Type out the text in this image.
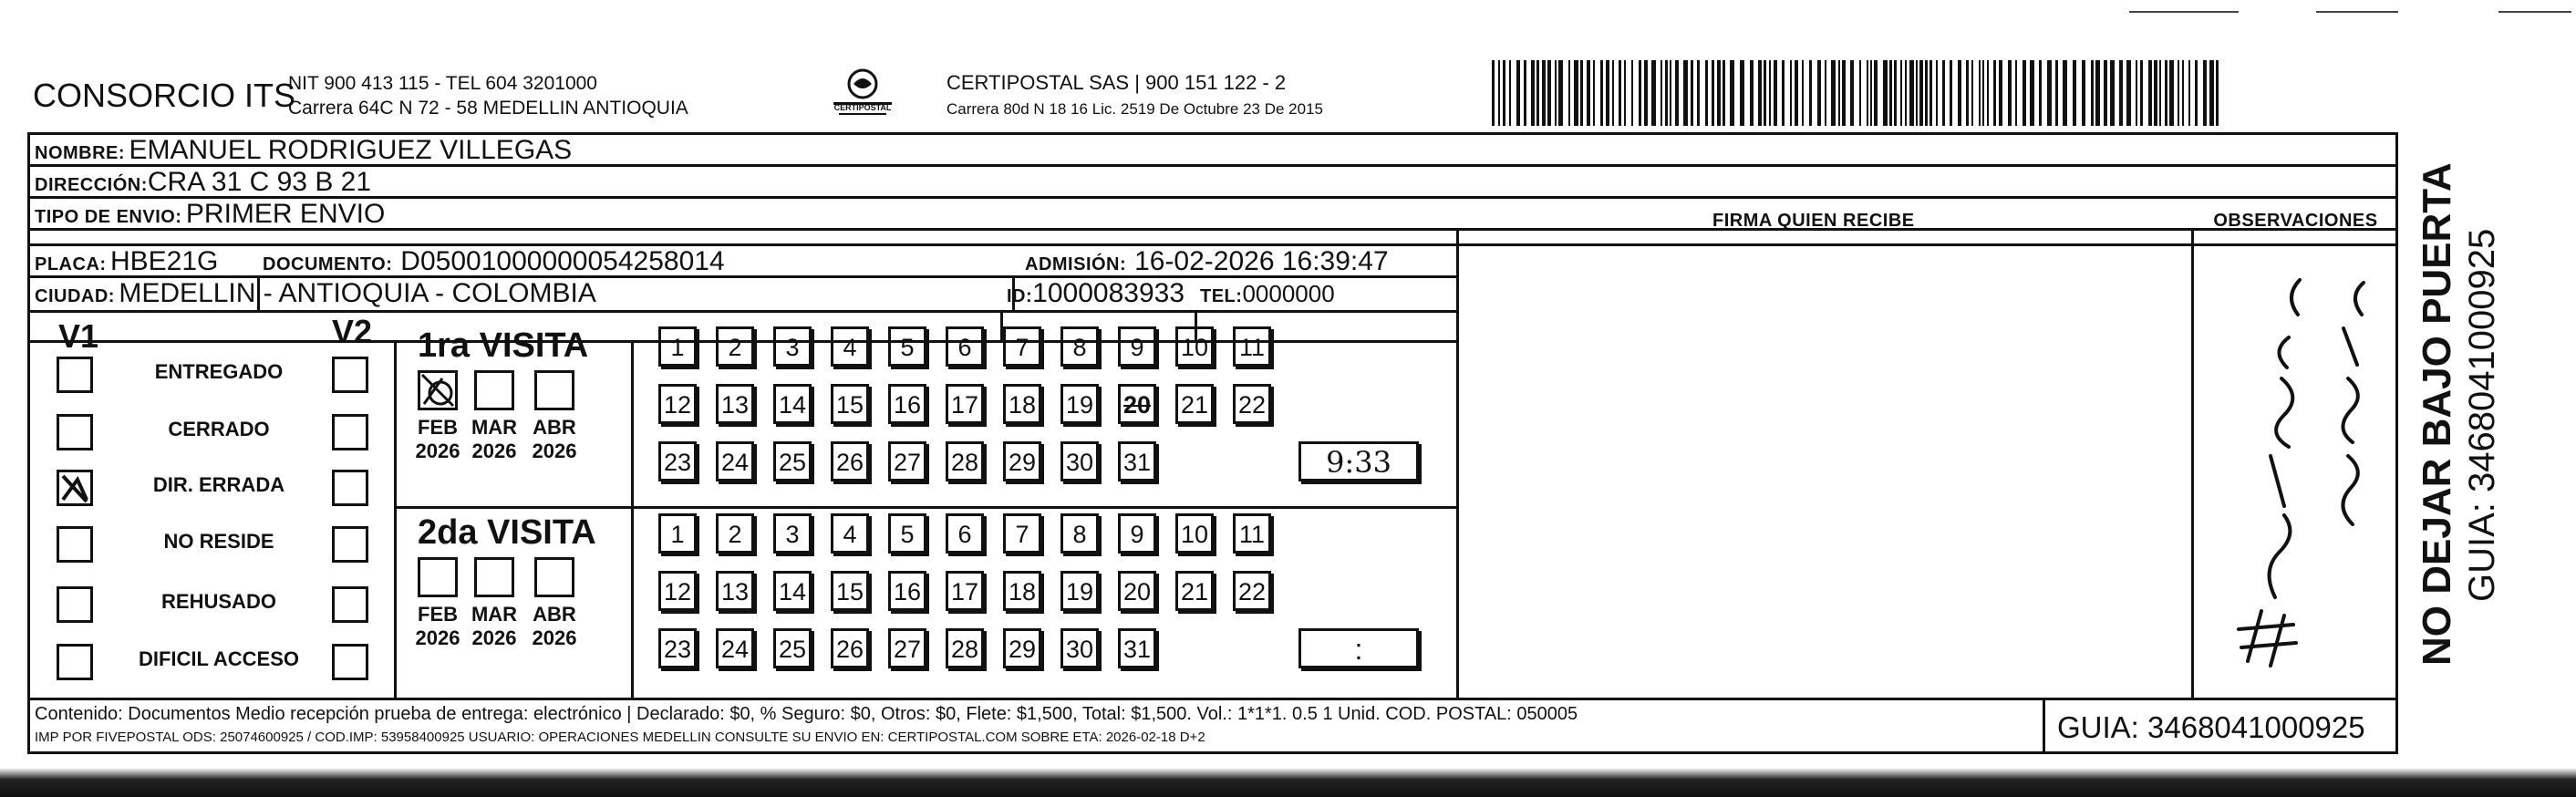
CONSORCIO ITS
NIT 900 413 115 - TEL 604 3201000
Carrera 64C N 72 - 58 MEDELLIN ANTIOQUIA	CERTIPOSTAL
CERTIPOSTAL SAS | 900 151 122 - 2
Carrera 80d N 18 16 Lic. 2519 De Octubre 23 De 2015
NOMBRE: EMANUEL RODRIGUEZ VILLEGAS
DIRECCIÓN:CRA 31 C 93 B 21
TIPO DE ENVIO: PRIMER ENVIO
PLACA: HBE21G DOCUMENTO: D05001000000054258014	ADMISIÓN: 16-02-2026 16:39:47
CIUDAD: MEDELLIN - ANTIOQUIA - COLOMBIA	ID:1000083933 TEL:0000000
FIRMA QUIEN RECIBE	OBSERVACIONES
V1	V2
ENTREGADO
CERRADO
DIR. ERRADA
NO RESIDE
REHUSADO
DIFICIL ACCESO
1ra VISITA
2da VISITA
FEB
2026
MAR
2026
ABR
2026
1	2	3	4	5	6	7	8	9	10 11
12 13 14 15 16 17 18 19 20 21 22
23 24 25 26 27 28 29 30 31	9:33
FEB
2026
MAR
2026
ABR
2026
1	2	3	4	5	6	7	8	9	10 11
12 13 14 15 16 17 18 19 20 21 22
23 24 25 26 27 28 29 30 31	:	NO DEJAR BAJO PUERTA GUIA: 3468041000925
Contenido: Documentos Medio recepción prueba de entrega: electrónico | Declarado: $0, % Seguro: $0, Otros: $0, Flete: $1,500, Total: $1,500. Vol.: 1*1*1. 0.5 1 Unid. COD. POSTAL: 050005
IMP POR FIVEPOSTAL ODS: 25074600925 / COD.IMP: 53958400925 USUARIO: OPERACIONES MEDELLIN CONSULTE SU ENVIO EN: CERTIPOSTAL.COM SOBRE ETA: 2026-02-18 D+2	GUIA: 3468041000925
